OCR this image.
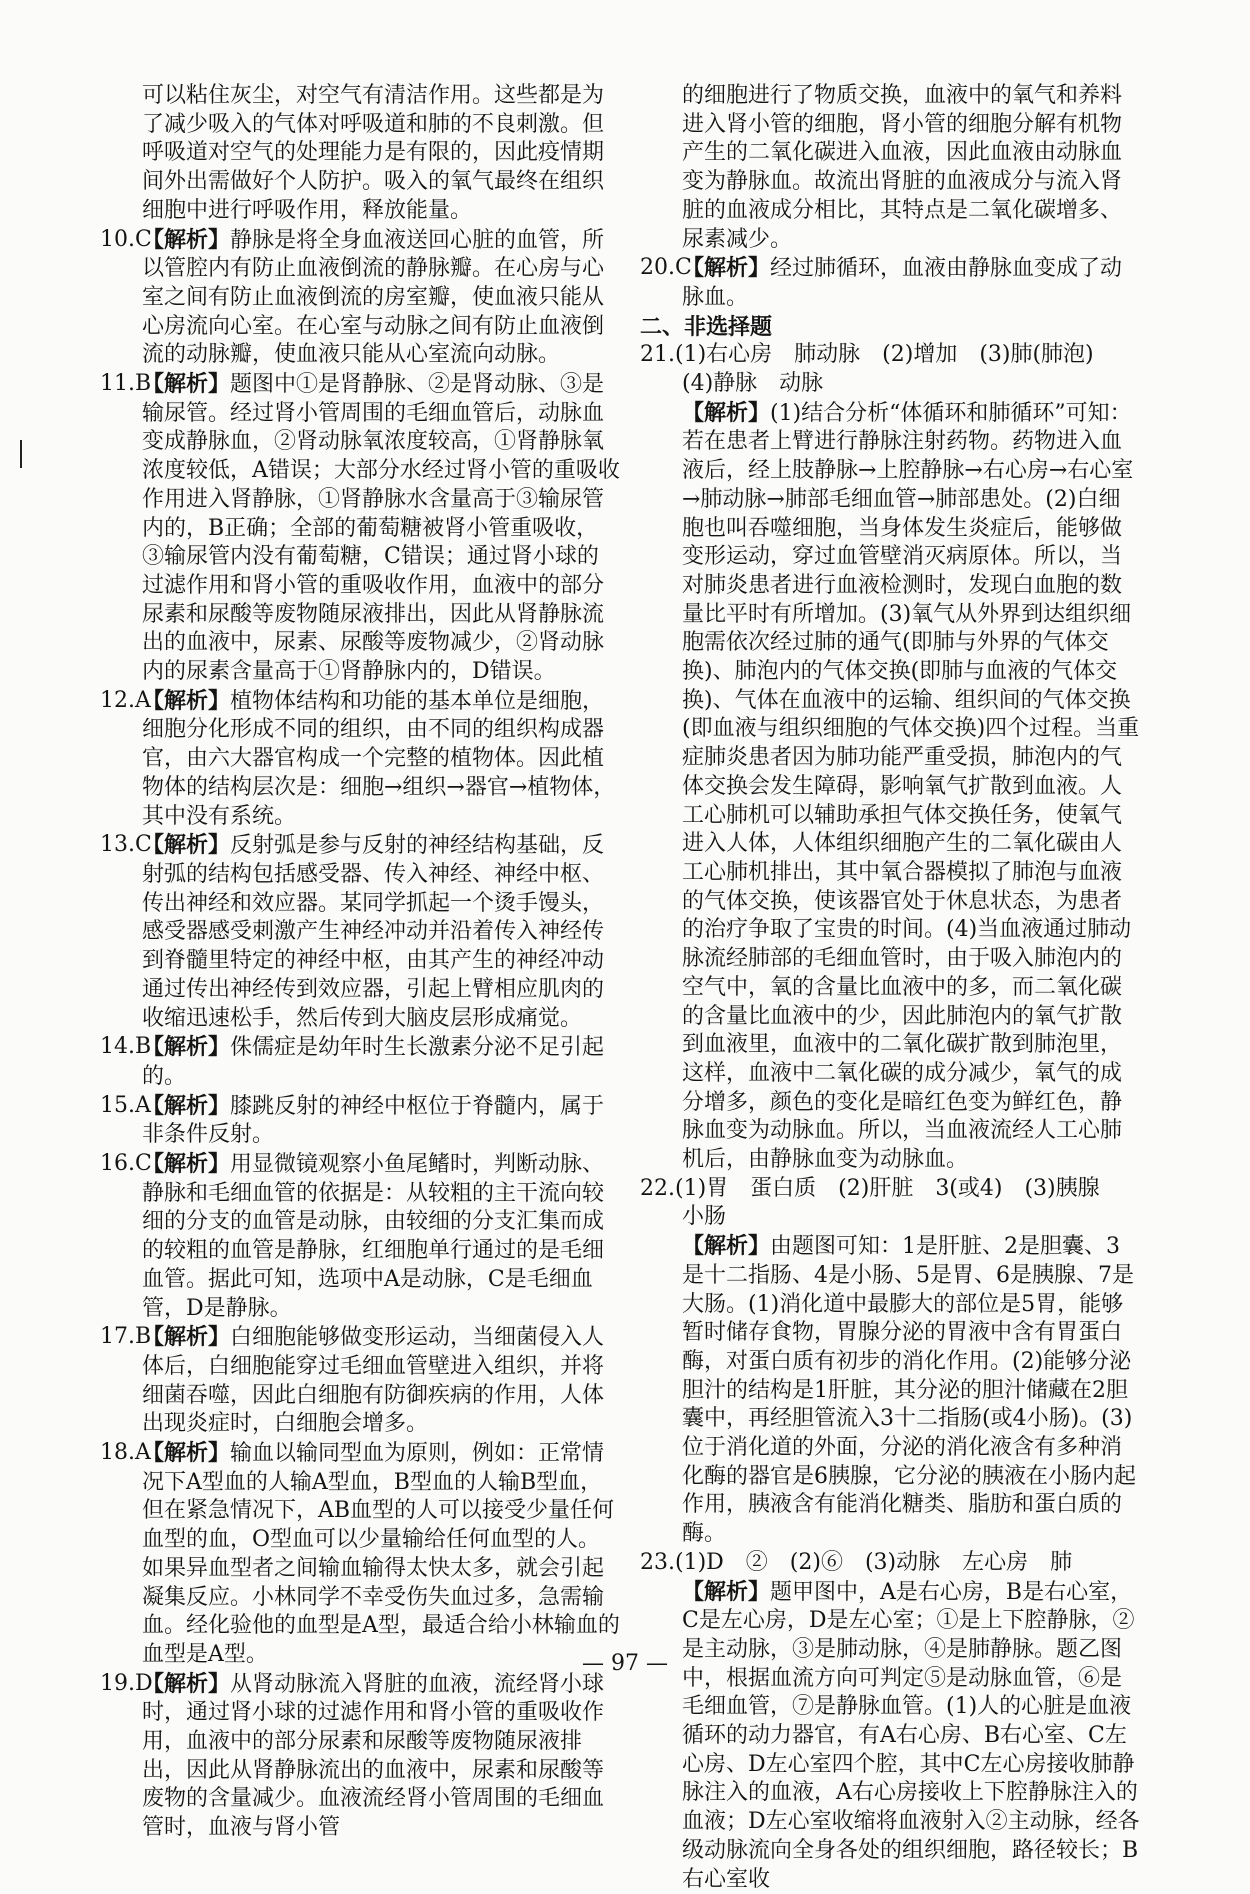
可以粘住灰尘，对空气有清洁作用。这些都是为了减少吸入的气体对呼吸道和肺的不良刺激。但呼吸道对空气的处理能力是有限的，因此疫情期间外出需做好个人防护。吸入的氧气最终在组织细胞中进行呼吸作用，释放能量。
10.C
【解析】静脉是将全身血液送回心脏的血管，所以管腔内有防止血液倒流的静脉瓣。在心房与心室之间有防止血液倒流的房室瓣，使血液只能从心房流向心室。在心室与动脉之间有防止血液倒流的动脉瓣，使血液只能从心室流向动脉。
11.B
【解析】题图中①是肾静脉、②是肾动脉、③是输尿管。经过肾小管周围的毛细血管后，动脉血变成静脉血，②肾动脉氧浓度较高，①肾静脉氧浓度较低，A错误；大部分水经过肾小管的重吸收作用进入肾静脉，①肾静脉水含量高于③输尿管内的，B正确；全部的葡萄糖被肾小管重吸收，③输尿管内没有葡萄糖，C错误；通过肾小球的过滤作用和肾小管的重吸收作用，血液中的部分尿素和尿酸等废物随尿液排出，因此从肾静脉流出的血液中，尿素、尿酸等废物减少，②肾动脉内的尿素含量高于①肾静脉内的，D错误。
12.A
【解析】植物体结构和功能的基本单位是细胞，细胞分化形成不同的组织，由不同的组织构成器官，由六大器官构成一个完整的植物体。因此植物体的结构层次是：细胞→组织→器官→植物体，其中没有系统。
13.C
【解析】反射弧是参与反射的神经结构基础，反射弧的结构包括感受器、传入神经、神经中枢、传出神经和效应器。某同学抓起一个烫手馒头，感受器感受刺激产生神经冲动并沿着传入神经传到脊髓里特定的神经中枢，由其产生的神经冲动通过传出神经传到效应器，引起上臂相应肌肉的收缩迅速松手，然后传到大脑皮层形成痛觉。
14.B
【解析】侏儒症是幼年时生长激素分泌不足引起的。
15.A
【解析】膝跳反射的神经中枢位于脊髓内，属于非条件反射。
16.C
【解析】用显微镜观察小鱼尾鳍时，判断动脉、静脉和毛细血管的依据是：从较粗的主干流向较细的分支的血管是动脉，由较细的分支汇集而成的较粗的血管是静脉，红细胞单行通过的是毛细血管。据此可知，选项中A是动脉，C是毛细血管，D是静脉。
17.B
【解析】白细胞能够做变形运动，当细菌侵入人体后，白细胞能穿过毛细血管壁进入组织，并将细菌吞噬，因此白细胞有防御疾病的作用，人体出现炎症时，白细胞会增多。
18.A
【解析】输血以输同型血为原则，例如：正常情况下A型血的人输A型血，B型血的人输B型血，但在紧急情况下，AB血型的人可以接受少量任何血型的血，O型血可以少量输给任何血型的人。如果异血型者之间输血输得太快太多，就会引起凝集反应。小林同学不幸受伤失血过多，急需输血。经化验他的血型是A型，最适合给小林输血的血型是A型。
19.D
【解析】从肾动脉流入肾脏的血液，流经肾小球时，通过肾小球的过滤作用和肾小管的重吸收作用，血液中的部分尿素和尿酸等废物随尿液排出，因此从肾静脉流出的血液中，尿素和尿酸等废物的含量减少。血液流经肾小管周围的毛细血管时，血液与肾小管
的细胞进行了物质交换，血液中的氧气和养料进入肾小管的细胞，肾小管的细胞分解有机物产生的二氧化碳进入血液，因此血液由动脉血变为静脉血。故流出肾脏的血液成分与流入肾脏的血液成分相比，其特点是二氧化碳增多、尿素减少。
20.C
【解析】经过肺循环，血液由静脉血变成了动脉血。
二、非选择题
21.(1)右心房　肺动脉　(2)增加　(3)肺(肺泡)
(4)静脉　动脉
【解析】(1)结合分析“体循环和肺循环”可知：若在患者上臂进行静脉注射药物。药物进入血液后，经上肢静脉→上腔静脉→右心房→右心室→肺动脉→肺部毛细血管→肺部患处。(2)白细胞也叫吞噬细胞，当身体发生炎症后，能够做变形运动，穿过血管壁消灭病原体。所以，当对肺炎患者进行血液检测时，发现白血胞的数量比平时有所增加。(3)氧气从外界到达组织细胞需依次经过肺的通气(即肺与外界的气体交换)、肺泡内的气体交换(即肺与血液的气体交换)、气体在血液中的运输、组织间的气体交换(即血液与组织细胞的气体交换)四个过程。当重症肺炎患者因为肺功能严重受损，肺泡内的气体交换会发生障碍，影响氧气扩散到血液。人工心肺机可以辅助承担气体交换任务，使氧气进入人体，人体组织细胞产生的二氧化碳由人工心肺机排出，其中氧合器模拟了肺泡与血液的气体交换，使该器官处于休息状态，为患者的治疗争取了宝贵的时间。(4)当血液通过肺动脉流经肺部的毛细血管时，由于吸入肺泡内的空气中，氧的含量比血液中的多，而二氧化碳的含量比血液中的少，因此肺泡内的氧气扩散到血液里，血液中的二氧化碳扩散到肺泡里，这样，血液中二氧化碳的成分减少，氧气的成分增多，颜色的变化是暗红色变为鲜红色，静脉血变为动脉血。所以，当血液流经人工心肺机后，由静脉血变为动脉血。
22.(1)胃　蛋白质　(2)肝脏　3(或4)　(3)胰腺
小肠
【解析】由题图可知：1是肝脏、2是胆囊、3是十二指肠、4是小肠、5是胃、6是胰腺、7是大肠。(1)消化道中最膨大的部位是5胃，能够暂时储存食物，胃腺分泌的胃液中含有胃蛋白酶，对蛋白质有初步的消化作用。(2)能够分泌胆汁的结构是1肝脏，其分泌的胆汁储藏在2胆囊中，再经胆管流入3十二指肠(或4小肠)。(3)位于消化道的外面，分泌的消化液含有多种消化酶的器官是6胰腺，它分泌的胰液在小肠内起作用，胰液含有能消化糖类、脂肪和蛋白质的酶。
23.(1)D　②　(2)⑥　(3)动脉　左心房　肺
【解析】题甲图中，A是右心房，B是右心室，C是左心房，D是左心室；①是上下腔静脉，②是主动脉，③是肺动脉，④是肺静脉。题乙图中，根据血流方向可判定⑤是动脉血管，⑥是毛细血管，⑦是静脉血管。(1)人的心脏是血液循环的动力器官，有A右心房、B右心室、C左心房、D左心室四个腔，其中C左心房接收肺静脉注入的血液，A右心房接收上下腔静脉注入的血液；D左心室收缩将血液射入②主动脉，经各级动脉流向全身各处的组织细胞，路径较长；B右心室收
— 97 —
